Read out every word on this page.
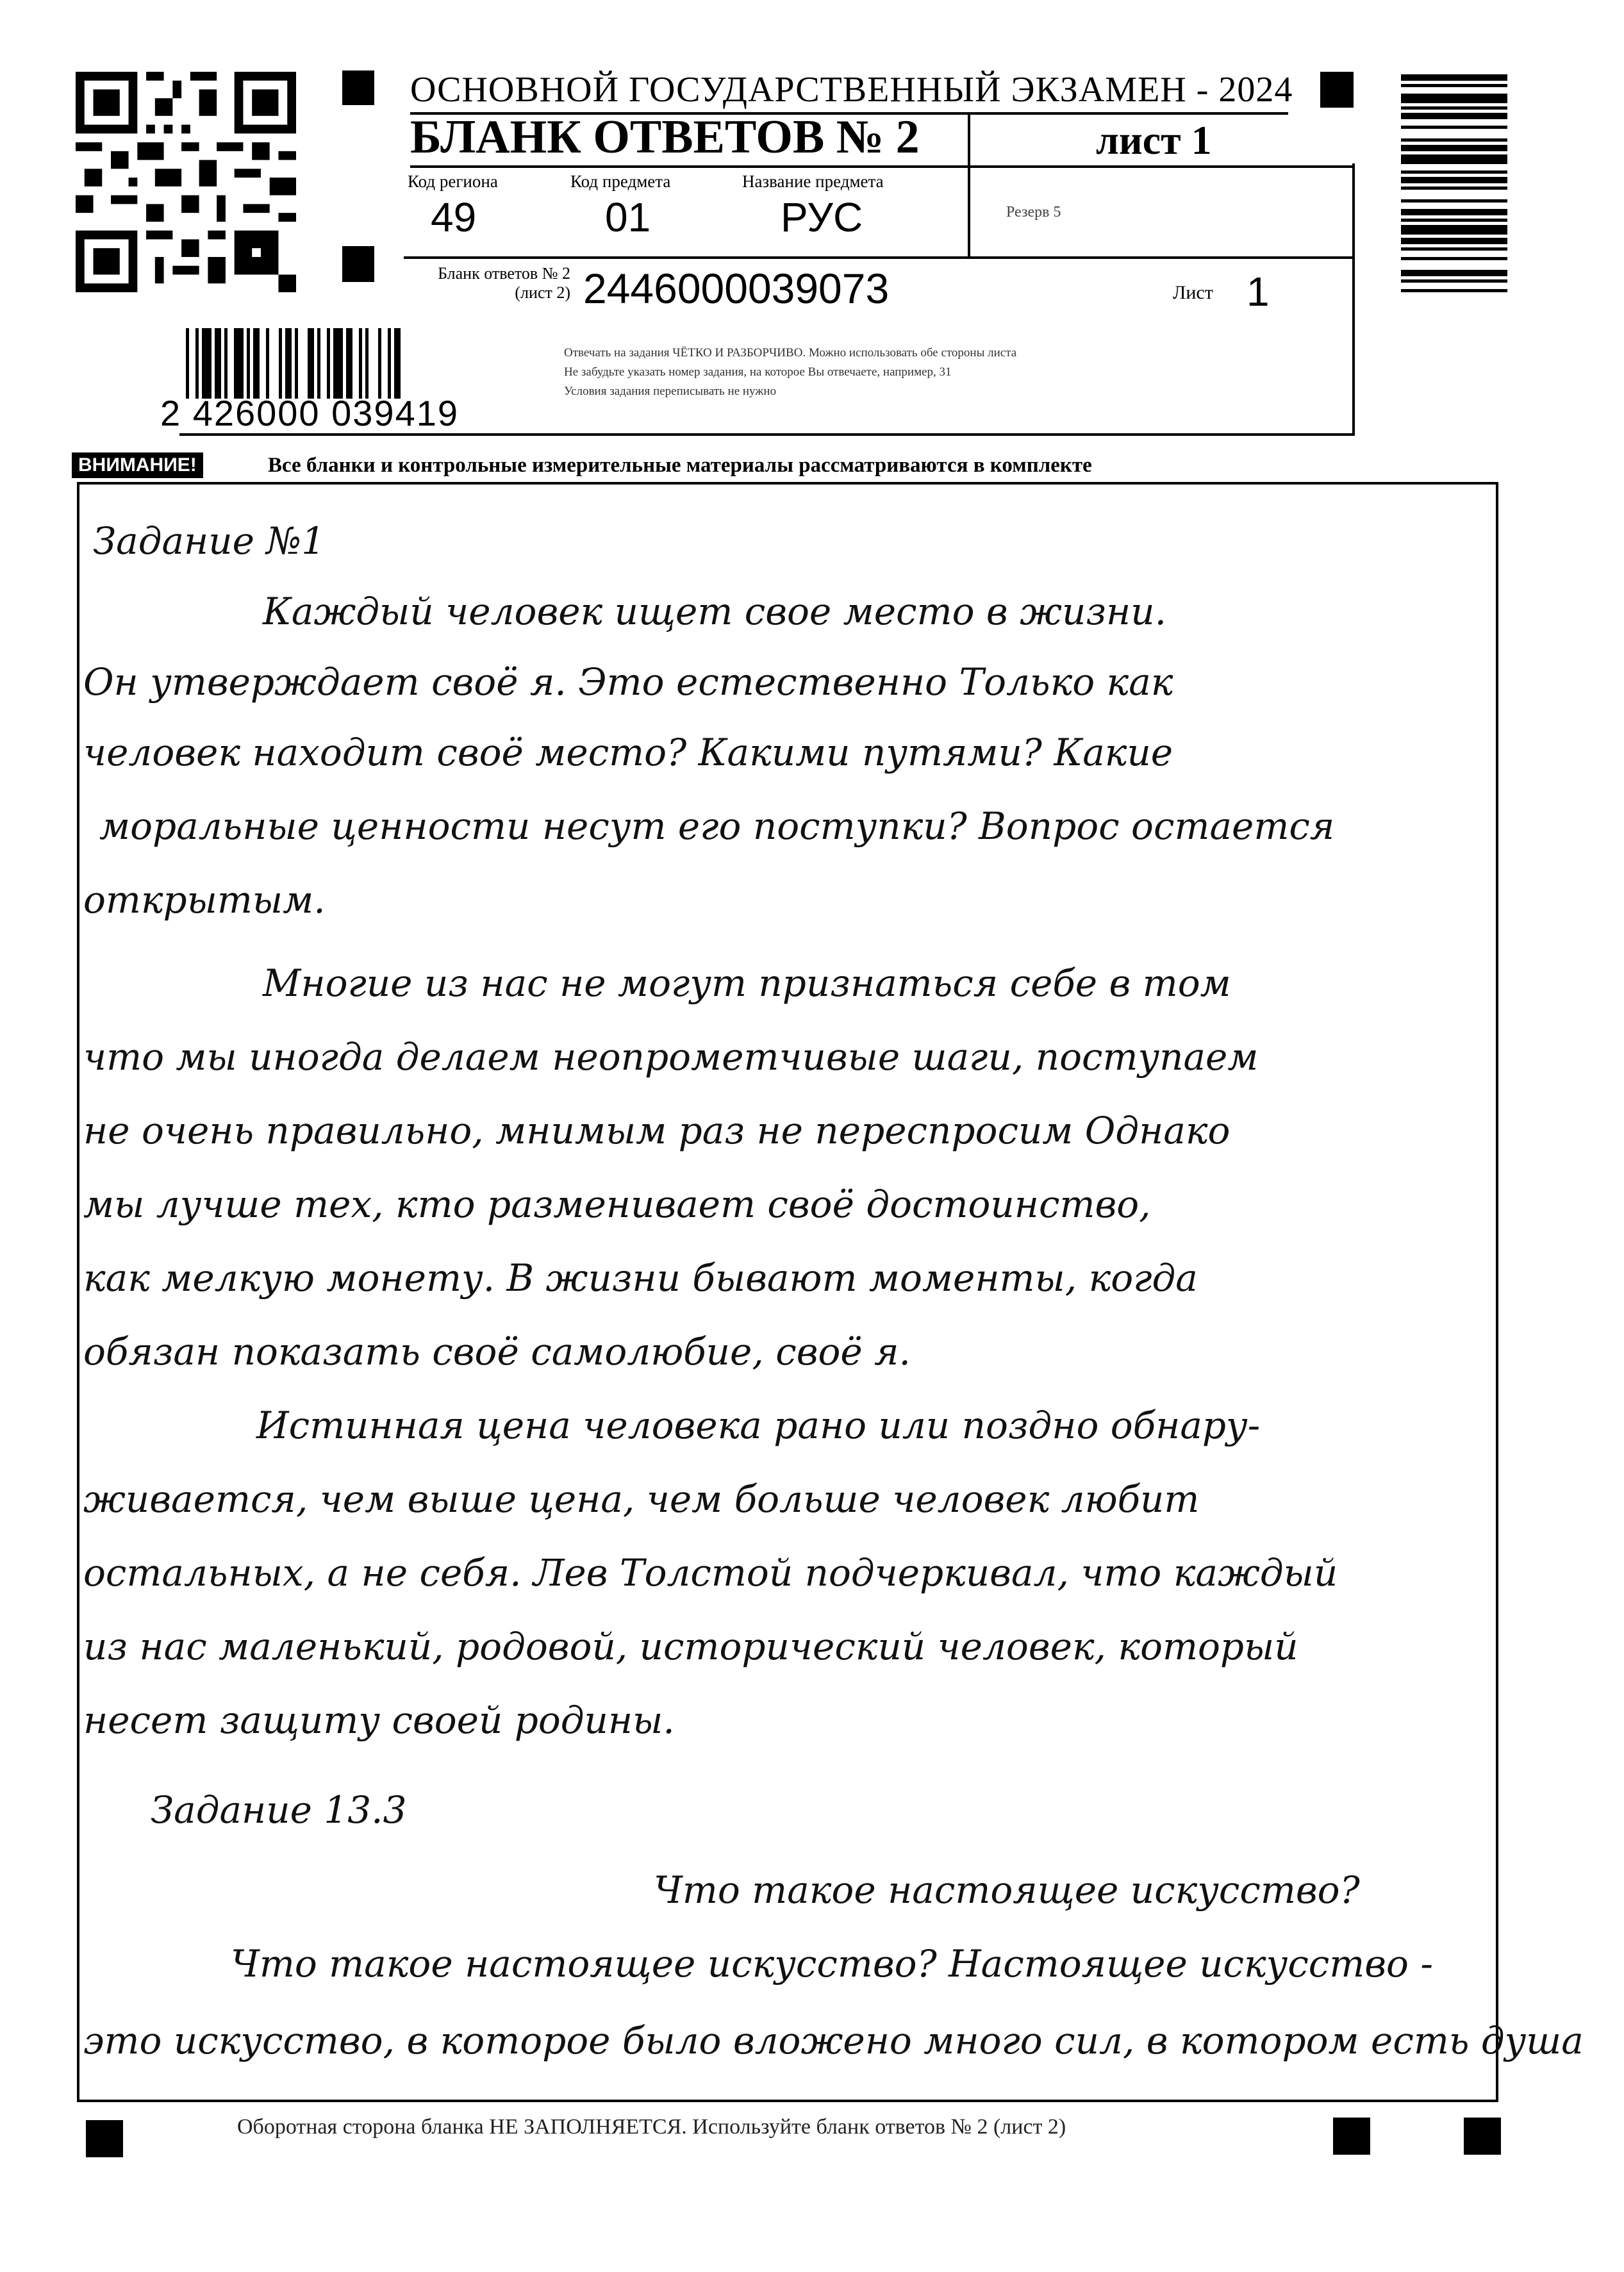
ОСНОВНОЙ ГОСУДАРСТВЕННЫЙ ЭКЗАМЕН - 2024
БЛАНК ОТВЕТОВ № 2	лист 1
Код региона
49
Код предмета
01
Название предмета
РУС	Резерв 5
Бланк ответов № 2
(лист 2) 2446000039073	Лист 1
Отвечать на задания ЧЁТКО И РАЗБОРЧИВО. Можно использовать обе стороны листа
Не забудьте указать номер задания, на которое Вы отвечаете, например, 31
Условия задания переписывать не нужно
2 426000 039419
ВНИМАНИЕ!	Все бланки и контрольные измерительные материалы рассматриваются в комплекте
Задание №1
Каждый человек ищет свое место в жизни.
Он утверждает своё я. Это естественно Только как
человек находит своё место? Какими путями? Какие
моральные ценности несут его поступки? Вопрос остается
открытым.
Многие из нас не могут признаться себе в том
что мы иногда делаем неопрометчивые шаги, поступаем
не очень правильно, мнимым раз не переспросим Однако
мы лучше тех, кто разменивает своё достоинство,
как мелкую монету. В жизни бывают моменты, когда
обязан показать своё самолюбие, своё я.
Истинная цена человека рано или поздно обнару-
живается, чем выше цена, чем больше человек любит
остальных, а не себя. Лев Толстой подчеркивал, что каждый
из нас маленький, родовой, исторический человек, который
несет защиту своей родины.
Задание 13.3
Что такое настоящее искусство?
Что такое настоящее искусство? Настоящее искусство -
это искусство, в которое было вложено много сил, в котором есть душа
Оборотная сторона бланка НЕ ЗАПОЛНЯЕТСЯ. Используйте бланк ответов № 2 (лист 2)
